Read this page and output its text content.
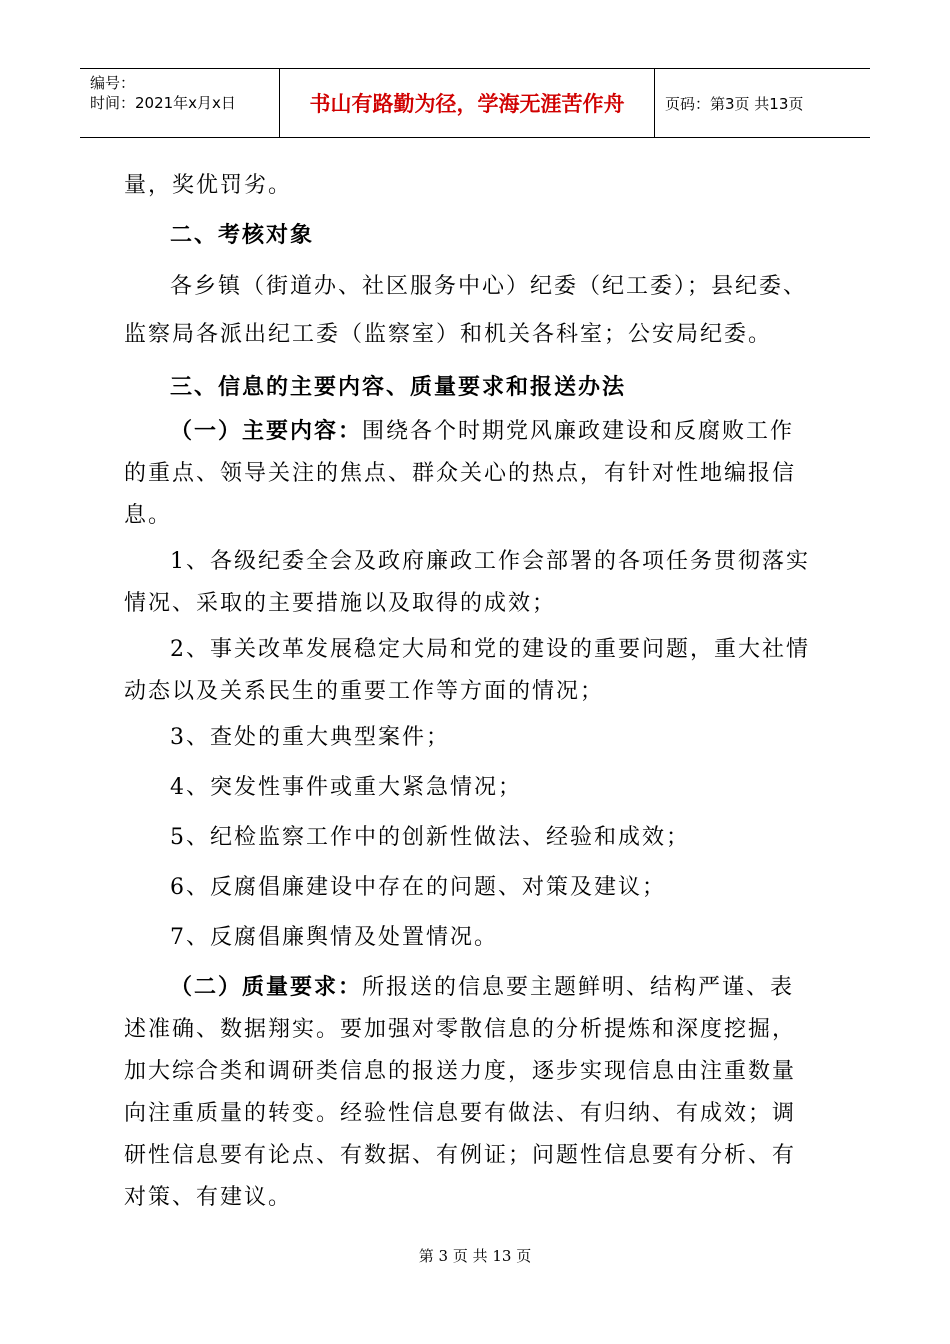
编号：
时间：2021年x月x日	书山有路勤为径，学海无涯苦作舟	页码：第3页 共13页

量，奖优罚劣。

二、考核对象

各乡镇（街道办、社区服务中心）纪委（纪工委）；县纪委、监察局各派出纪工委（监察室）和机关各科室；公安局纪委。

三、信息的主要内容、质量要求和报送办法

（一）主要内容：围绕各个时期党风廉政建设和反腐败工作的重点、领导关注的焦点、群众关心的热点，有针对性地编报信息。

1、各级纪委全会及政府廉政工作会部署的各项任务贯彻落实情况、采取的主要措施以及取得的成效；

2、事关改革发展稳定大局和党的建设的重要问题，重大社情动态以及关系民生的重要工作等方面的情况；

3、查处的重大典型案件；

4、突发性事件或重大紧急情况；

5、纪检监察工作中的创新性做法、经验和成效；

6、反腐倡廉建设中存在的问题、对策及建议；

7、反腐倡廉舆情及处置情况。

（二）质量要求：所报送的信息要主题鲜明、结构严谨、表述准确、数据翔实。要加强对零散信息的分析提炼和深度挖掘，加大综合类和调研类信息的报送力度，逐步实现信息由注重数量向注重质量的转变。经验性信息要有做法、有归纳、有成效；调研性信息要有论点、有数据、有例证；问题性信息要有分析、有对策、有建议。

第 3 页 共 13 页
